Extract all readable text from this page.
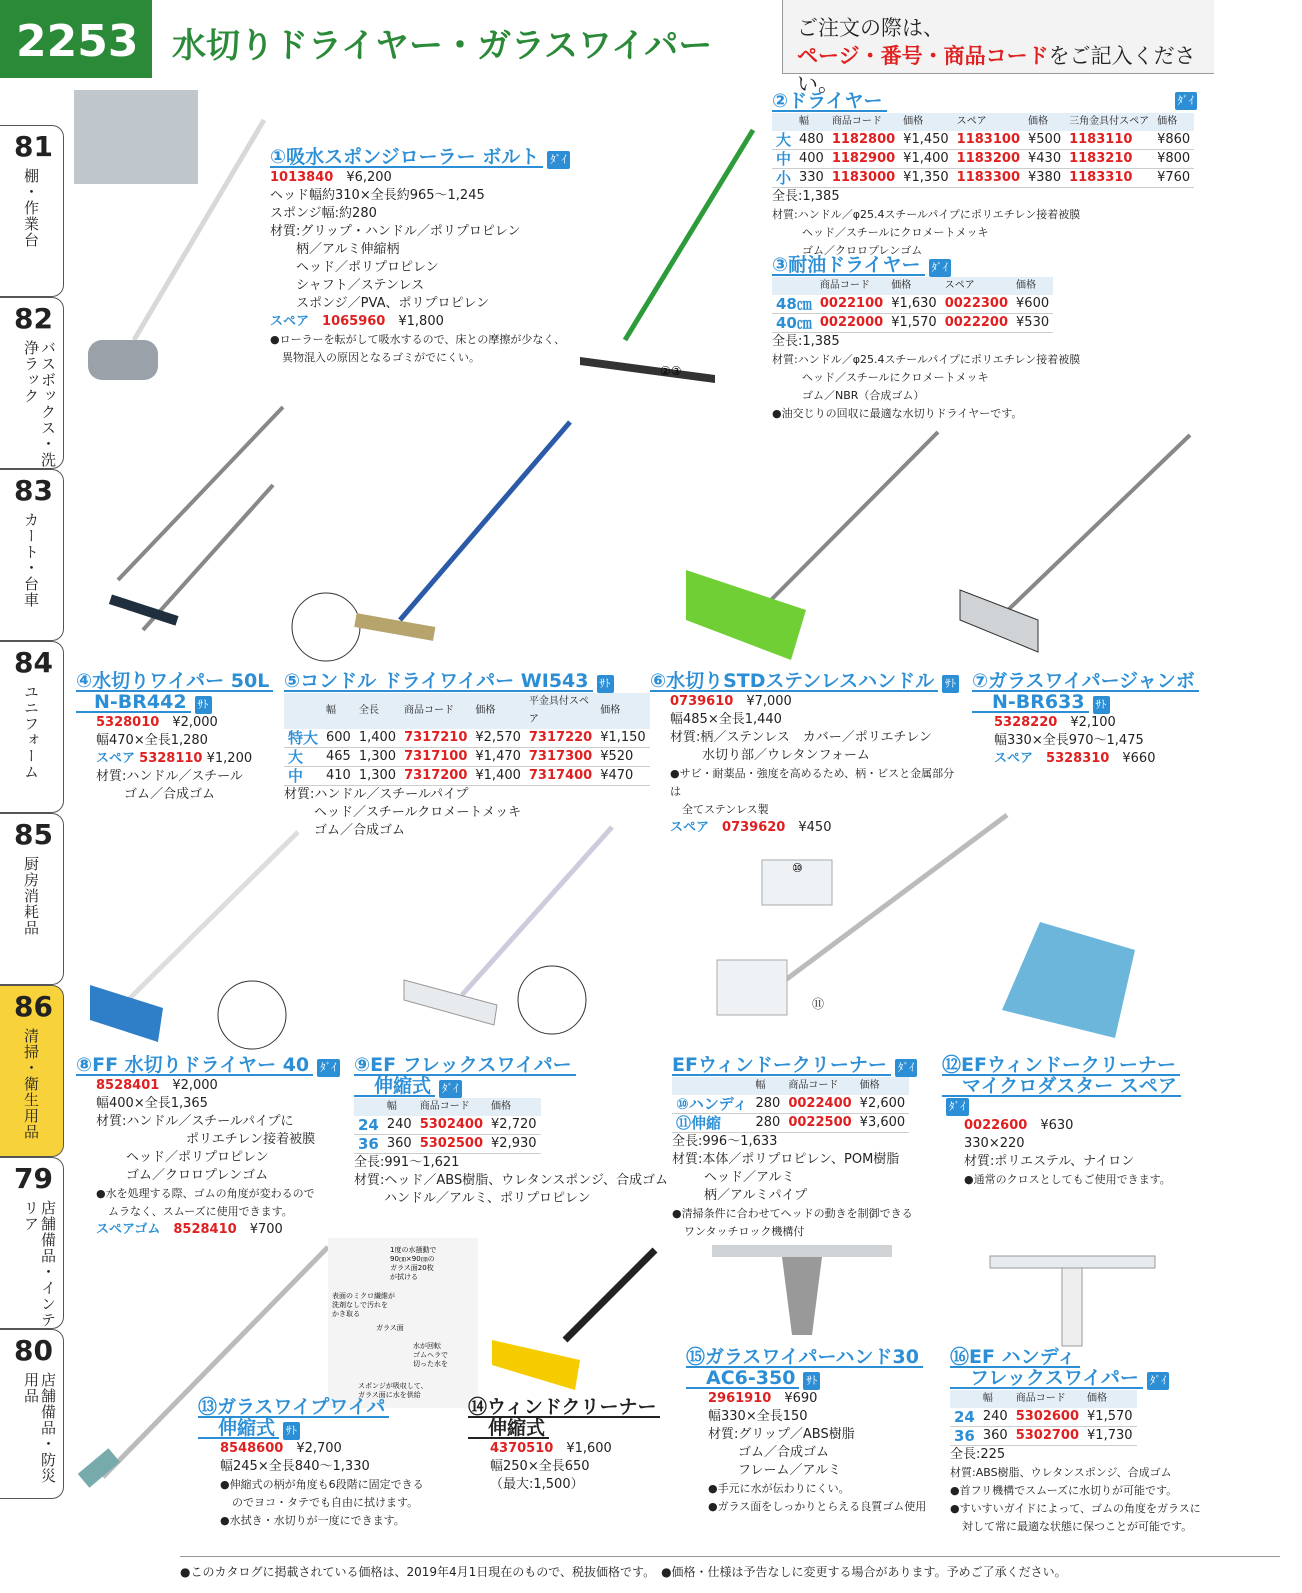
2253 水切りドライヤー・ガラスワイパー	ご注文の際は、
ページ・番号・商品コードをご記入ください。
81
棚・作業台
82
バスボックス・洗浄ラック
83
カート・台車
84
ユニフォーム
85
厨房消耗品
86
清掃・衛生用品
79
店舗備品・インテリア
80
店舗備品・防災用品
②③
⑩
⑪
1度の水掻動で
90㎝×90㎝の
ガラス面20枚
が拭ける
表面のミクロ繊維が
洗剤なしで汚れを
かき取る
ガラス面
水が回転
ゴムヘラで
切った水を
スポンジが吸収して、
ガラス面に水を供給
①吸水スポンジローラー ボルト ﾀﾞｲ
1013840　 ¥6,200
ヘッド幅約310×全長約965〜1,245
スポンジ幅:約280
材質:グリップ・ハンドル／ポリプロピレン
柄／アルミ伸縮柄
ヘッド／ポリプロピレン
シャフト／ステンレス
スポンジ／PVA、ポリプロピレン
スペア　 1065960　 ¥1,800
●ローラーを転がして吸水するので、床との摩擦が少なく、
異物混入の原因となるゴミがでにくい。
②ドライヤー	ﾀﾞｲ
	幅	商品コード	価格	スペア	価格	三角金具付スペア	価格
大	480	1182800	¥1,450	1183100	¥500	1183110	¥860
中	400	1182900	¥1,400	1183200	¥430	1183210	¥800
小	330	1183000	¥1,350	1183300	¥380	1183310	¥760
全長:1,385
材質:ハンドル／φ25.4スチールパイプにポリエチレン接着被膜
ヘッド／スチールにクロメートメッキ
ゴム／クロロプレンゴム
③耐油ドライヤー ﾀﾞｲ
	商品コード	価格	スペア	価格
48㎝	0022100	¥1,630	0022300	¥600
40㎝	0022000	¥1,570	0022200	¥530
全長:1,385
材質:ハンドル／φ25.4スチールパイプにポリエチレン接着被膜
ヘッド／スチールにクロメートメッキ
ゴム／NBR（合成ゴム）
●油交じりの回収に最適な水切りドライヤーです。
④水切りワイパー 50L
N-BR442 ｻﾄ
5328010　 ¥2,000
幅470×全長1,280
スペア 5328110 ¥1,200
材質:ハンドル／スチール
ゴム／合成ゴム
⑤コンドル ドライワイパー WI543 ｻﾄ
	幅	全長	商品コード	価格	平金具付スペア	価格
特大	600	1,400	7317210	¥2,570	7317220	¥1,150
大	465	1,300	7317100	¥1,470	7317300	¥520
中	410	1,300	7317200	¥1,400	7317400	¥470
材質:ハンドル／スチールパイプ
ヘッド／スチールクロメートメッキ
ゴム／合成ゴム
⑥水切りSTDステンレスハンドル ｻﾄ
0739610　 ¥7,000
幅485×全長1,440
材質:柄／ステンレス　カバー／ポリエチレン
水切り部／ウレタンフォーム
●サビ・耐薬品・強度を高めるため、柄・ビスと金属部分は
全てステンレス製
スペア　 0739620　 ¥450
⑦ガラスワイパージャンボ
N-BR633 ｻﾄ
5328220　 ¥2,100
幅330×全長970〜1,475
スペア　 5328310　 ¥660
⑧FF 水切りドライヤー 40 ﾀﾞｲ
8528401　 ¥2,000
幅400×全長1,365
材質:ハンドル／スチールパイプに
ポリエチレン接着被膜
ヘッド／ポリプロピレン
ゴム／クロロプレンゴム
●水を処理する際、ゴムの角度が変わるので
ムラなく、スムーズに使用できます。
スペアゴム　 8528410　 ¥700
⑨EF フレックスワイパー
伸縮式 ﾀﾞｲ
	幅	商品コード	価格
24	240	5302400	¥2,720
36	360	5302500	¥2,930
全長:991〜1,621
材質:ヘッド／ABS樹脂、ウレタンスポンジ、合成ゴム
ハンドル／アルミ、ポリプロピレン
EFウィンドークリーナー ﾀﾞｲ
	幅	商品コード	価格
⑩ハンディ	280	0022400	¥2,600
⑪伸縮	280	0022500	¥3,600
全長:996〜1,633
材質:本体／ポリプロピレン、POM樹脂
ヘッド／アルミ
柄／アルミパイプ
●清掃条件に合わせてヘッドの動きを制御できる
ワンタッチロック機構付
⑫EFウィンドークリーナー
マイクロダスター スペアﾀﾞｲ
0022600　 ¥630
330×220
材質:ポリエステル、ナイロン
●通常のクロスとしてもご使用できます。
⑬ガラスワイプワイパ
伸縮式 ｻﾄ
8548600　 ¥2,700
幅245×全長840〜1,330
●伸縮式の柄が角度も6段階に固定できる
のでヨコ・タテでも自由に拭けます。
●水拭き・水切りが一度にできます。
⑭ウィンドクリーナー
伸縮式
4370510　 ¥1,600
幅250×全長650
（最大:1,500）
⑮ガラスワイパーハンド30
AC6-350 ｻﾄ
2961910　 ¥690
幅330×全長150
材質:グリップ／ABS樹脂
ゴム／合成ゴム
フレーム／アルミ
●手元に水が伝わりにくい。
●ガラス面をしっかりとらえる良質ゴム使用
⑯EF ハンディ
フレックスワイパー ﾀﾞｲ
	幅	商品コード	価格
24	240	5302600	¥1,570
36	360	5302700	¥1,730
全長:225
材質:ABS樹脂、ウレタンスポンジ、合成ゴム
●首フリ機構でスムーズに水切りが可能です。
●すいすいガイドによって、ゴムの角度をガラスに
対して常に最適な状態に保つことが可能です。
●このカタログに掲載されている価格は、2019年4月1日現在のもので、税抜価格です。　●価格・仕様は予告なしに変更する場合があります。予めご了承ください。
